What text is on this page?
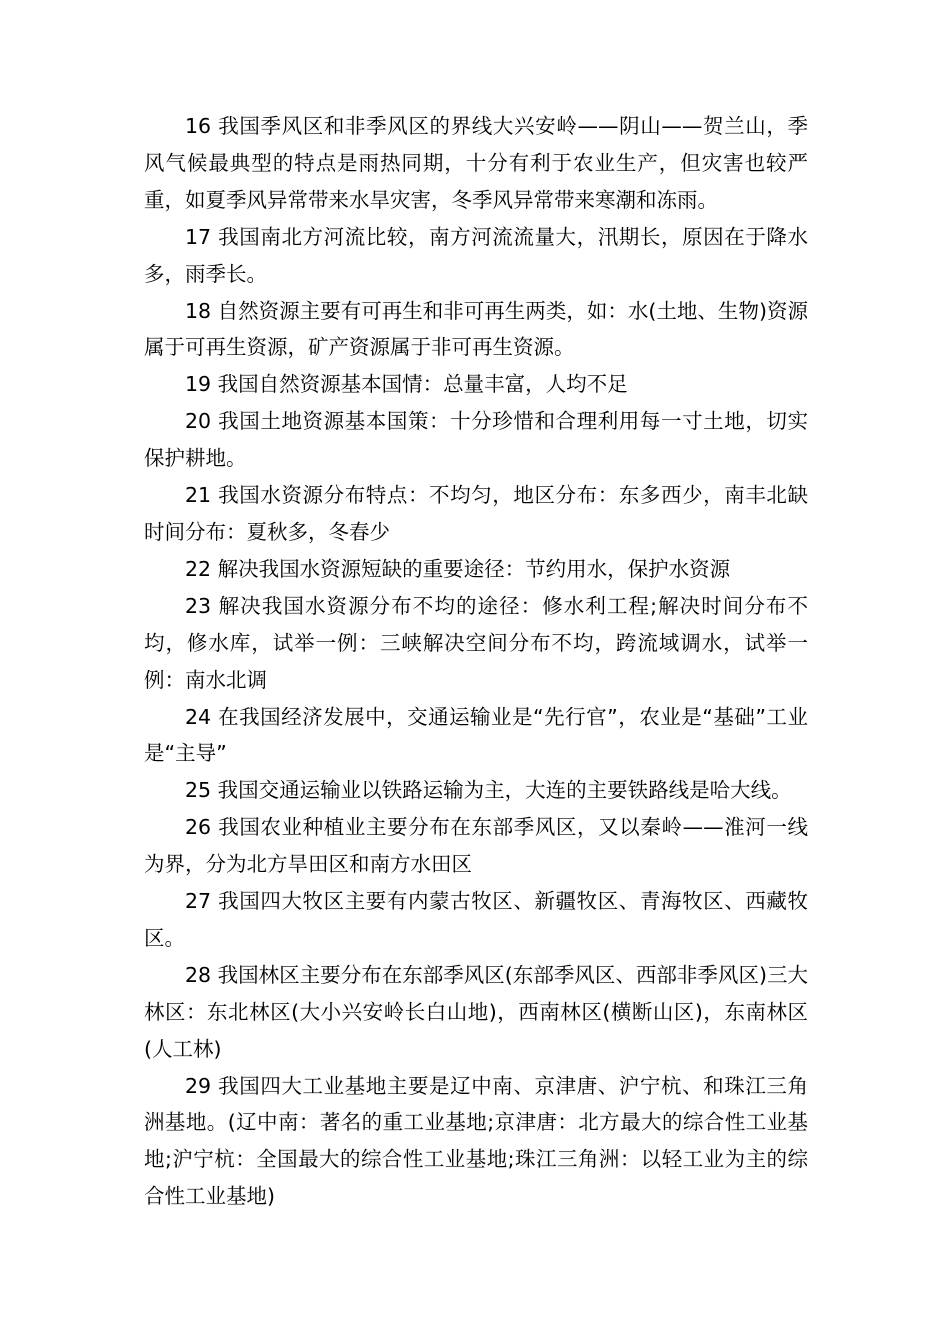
16 我国季风区和非季风区的界线大兴安岭——阴山——贺兰山，季风气候最典型的特点是雨热同期，十分有利于农业生产，但灾害也较严重，如夏季风异常带来水旱灾害，冬季风异常带来寒潮和冻雨。

17 我国南北方河流比较，南方河流流量大，汛期长，原因在于降水多，雨季长。

18 自然资源主要有可再生和非可再生两类，如：水(土地、生物)资源属于可再生资源，矿产资源属于非可再生资源。

19 我国自然资源基本国情：总量丰富，人均不足

20 我国土地资源基本国策：十分珍惜和合理利用每一寸土地，切实保护耕地。

21 我国水资源分布特点：不均匀，地区分布：东多西少，南丰北缺时间分布：夏秋多，冬春少

22 解决我国水资源短缺的重要途径：节约用水，保护水资源

23 解决我国水资源分布不均的途径：修水利工程;解决时间分布不均，修水库，试举一例：三峡解决空间分布不均，跨流域调水，试举一例：南水北调

24 在我国经济发展中，交通运输业是“先行官”，农业是“基础”工业是“主导”

25 我国交通运输业以铁路运输为主，大连的主要铁路线是哈大线。

26 我国农业种植业主要分布在东部季风区，又以秦岭——淮河一线为界，分为北方旱田区和南方水田区

27 我国四大牧区主要有内蒙古牧区、新疆牧区、青海牧区、西藏牧区。

28 我国林区主要分布在东部季风区(东部季风区、西部非季风区)三大林区：东北林区(大小兴安岭长白山地)，西南林区(横断山区)，东南林区(人工林)

29 我国四大工业基地主要是辽中南、京津唐、沪宁杭、和珠江三角洲基地。(辽中南：著名的重工业基地;京津唐：北方最大的综合性工业基地;沪宁杭：全国最大的综合性工业基地;珠江三角洲：以轻工业为主的综合性工业基地)
